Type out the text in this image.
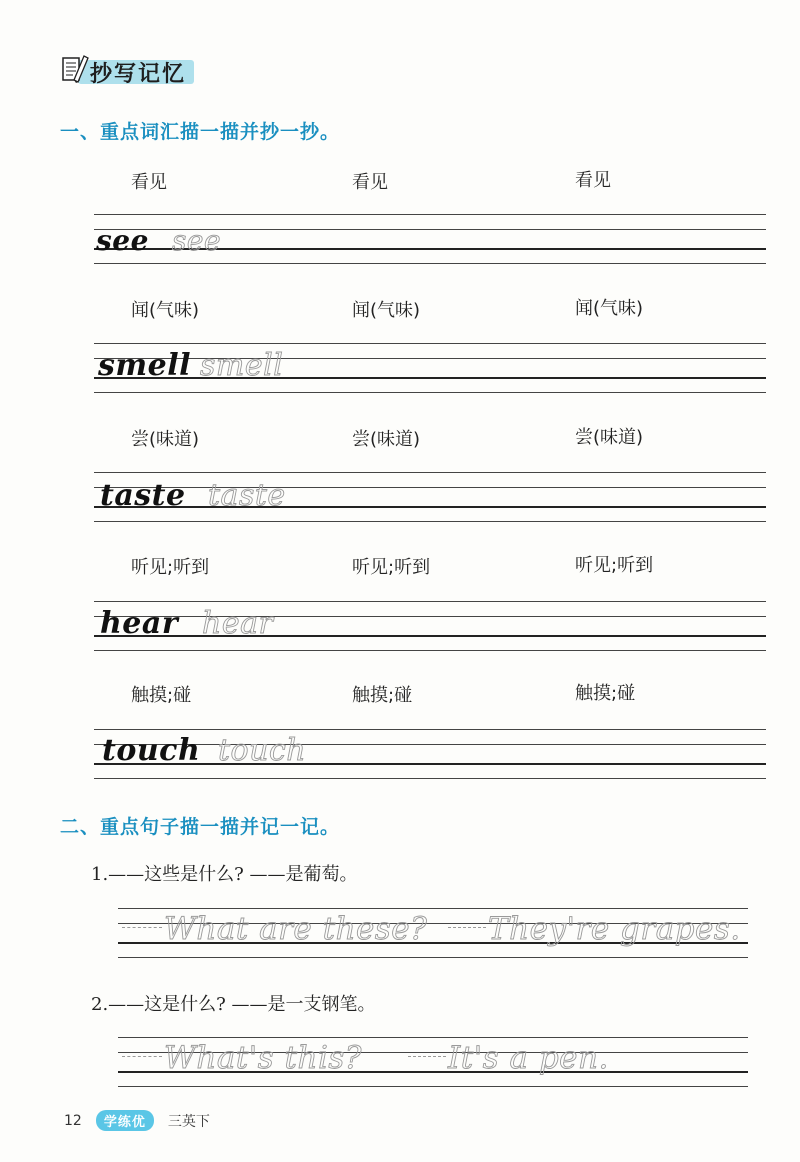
抄写记忆
一、重点词汇描一描并抄一抄。
看见	看见	看见
see see
闻(气味)	闻(气味)	闻(气味)
smell smell
尝(味道)	尝(味道)	尝(味道)
taste taste
听见;听到	听见;听到	听见;听到
hear hear
触摸;碰	触摸;碰	触摸;碰
touch touch
二、重点句子描一描并记一记。
1.——这些是什么? ——是葡萄。
What are these? They're grapes.
2.——这是什么? ——是一支钢笔。
What's this?	It's a pen.
12	学练优	三英下
